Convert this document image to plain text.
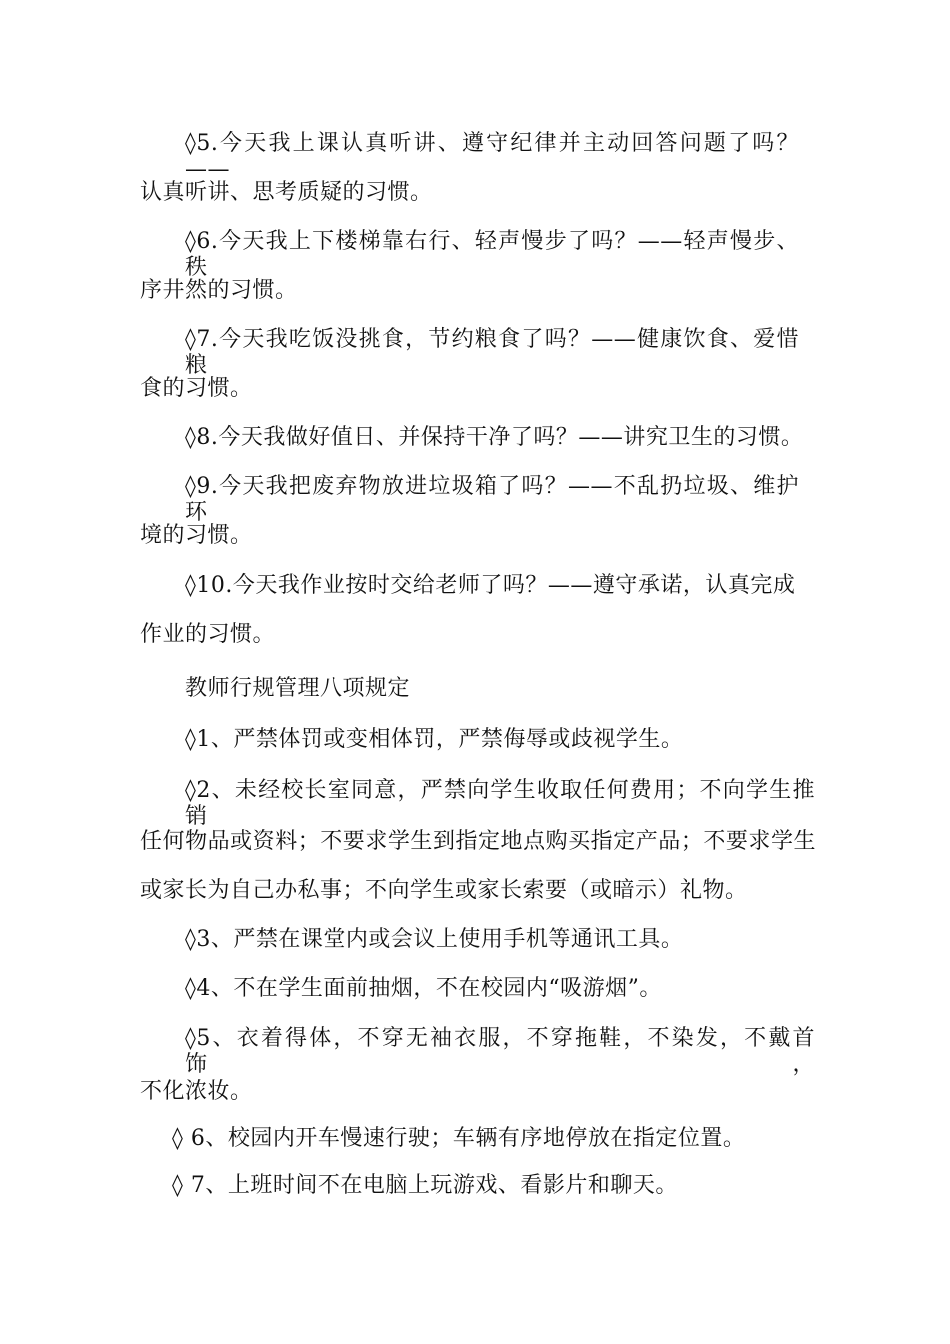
◊5.今天我上课认真听讲、遵守纪律并主动回答问题了吗？——
认真听讲、思考质疑的习惯。
◊6.今天我上下楼梯靠右行、轻声慢步了吗？——轻声慢步、秩
序井然的习惯。
◊7.今天我吃饭没挑食，节约粮食了吗？——健康饮食、爱惜粮
食的习惯。
◊8.今天我做好值日、并保持干净了吗？——讲究卫生的习惯。
◊9.今天我把废弃物放进垃圾箱了吗？——不乱扔垃圾、维护环
境的习惯。
◊10.今天我作业按时交给老师了吗？——遵守承诺，认真完成
作业的习惯。
教师行规管理八项规定
◊1、严禁体罚或变相体罚，严禁侮辱或歧视学生。
◊2、未经校长室同意，严禁向学生收取任何费用；不向学生推销
任何物品或资料；不要求学生到指定地点购买指定产品；不要求学生
或家长为自己办私事；不向学生或家长索要（或暗示）礼物。
◊3、严禁在课堂内或会议上使用手机等通讯工具。
◊4、不在学生面前抽烟，不在校园内“吸游烟”。
◊5、衣着得体，不穿无袖衣服，不穿拖鞋，不染发，不戴首饰，
不化浓妆。
◊ 6、校园内开车慢速行驶；车辆有序地停放在指定位置。
◊ 7、上班时间不在电脑上玩游戏、看影片和聊天。
